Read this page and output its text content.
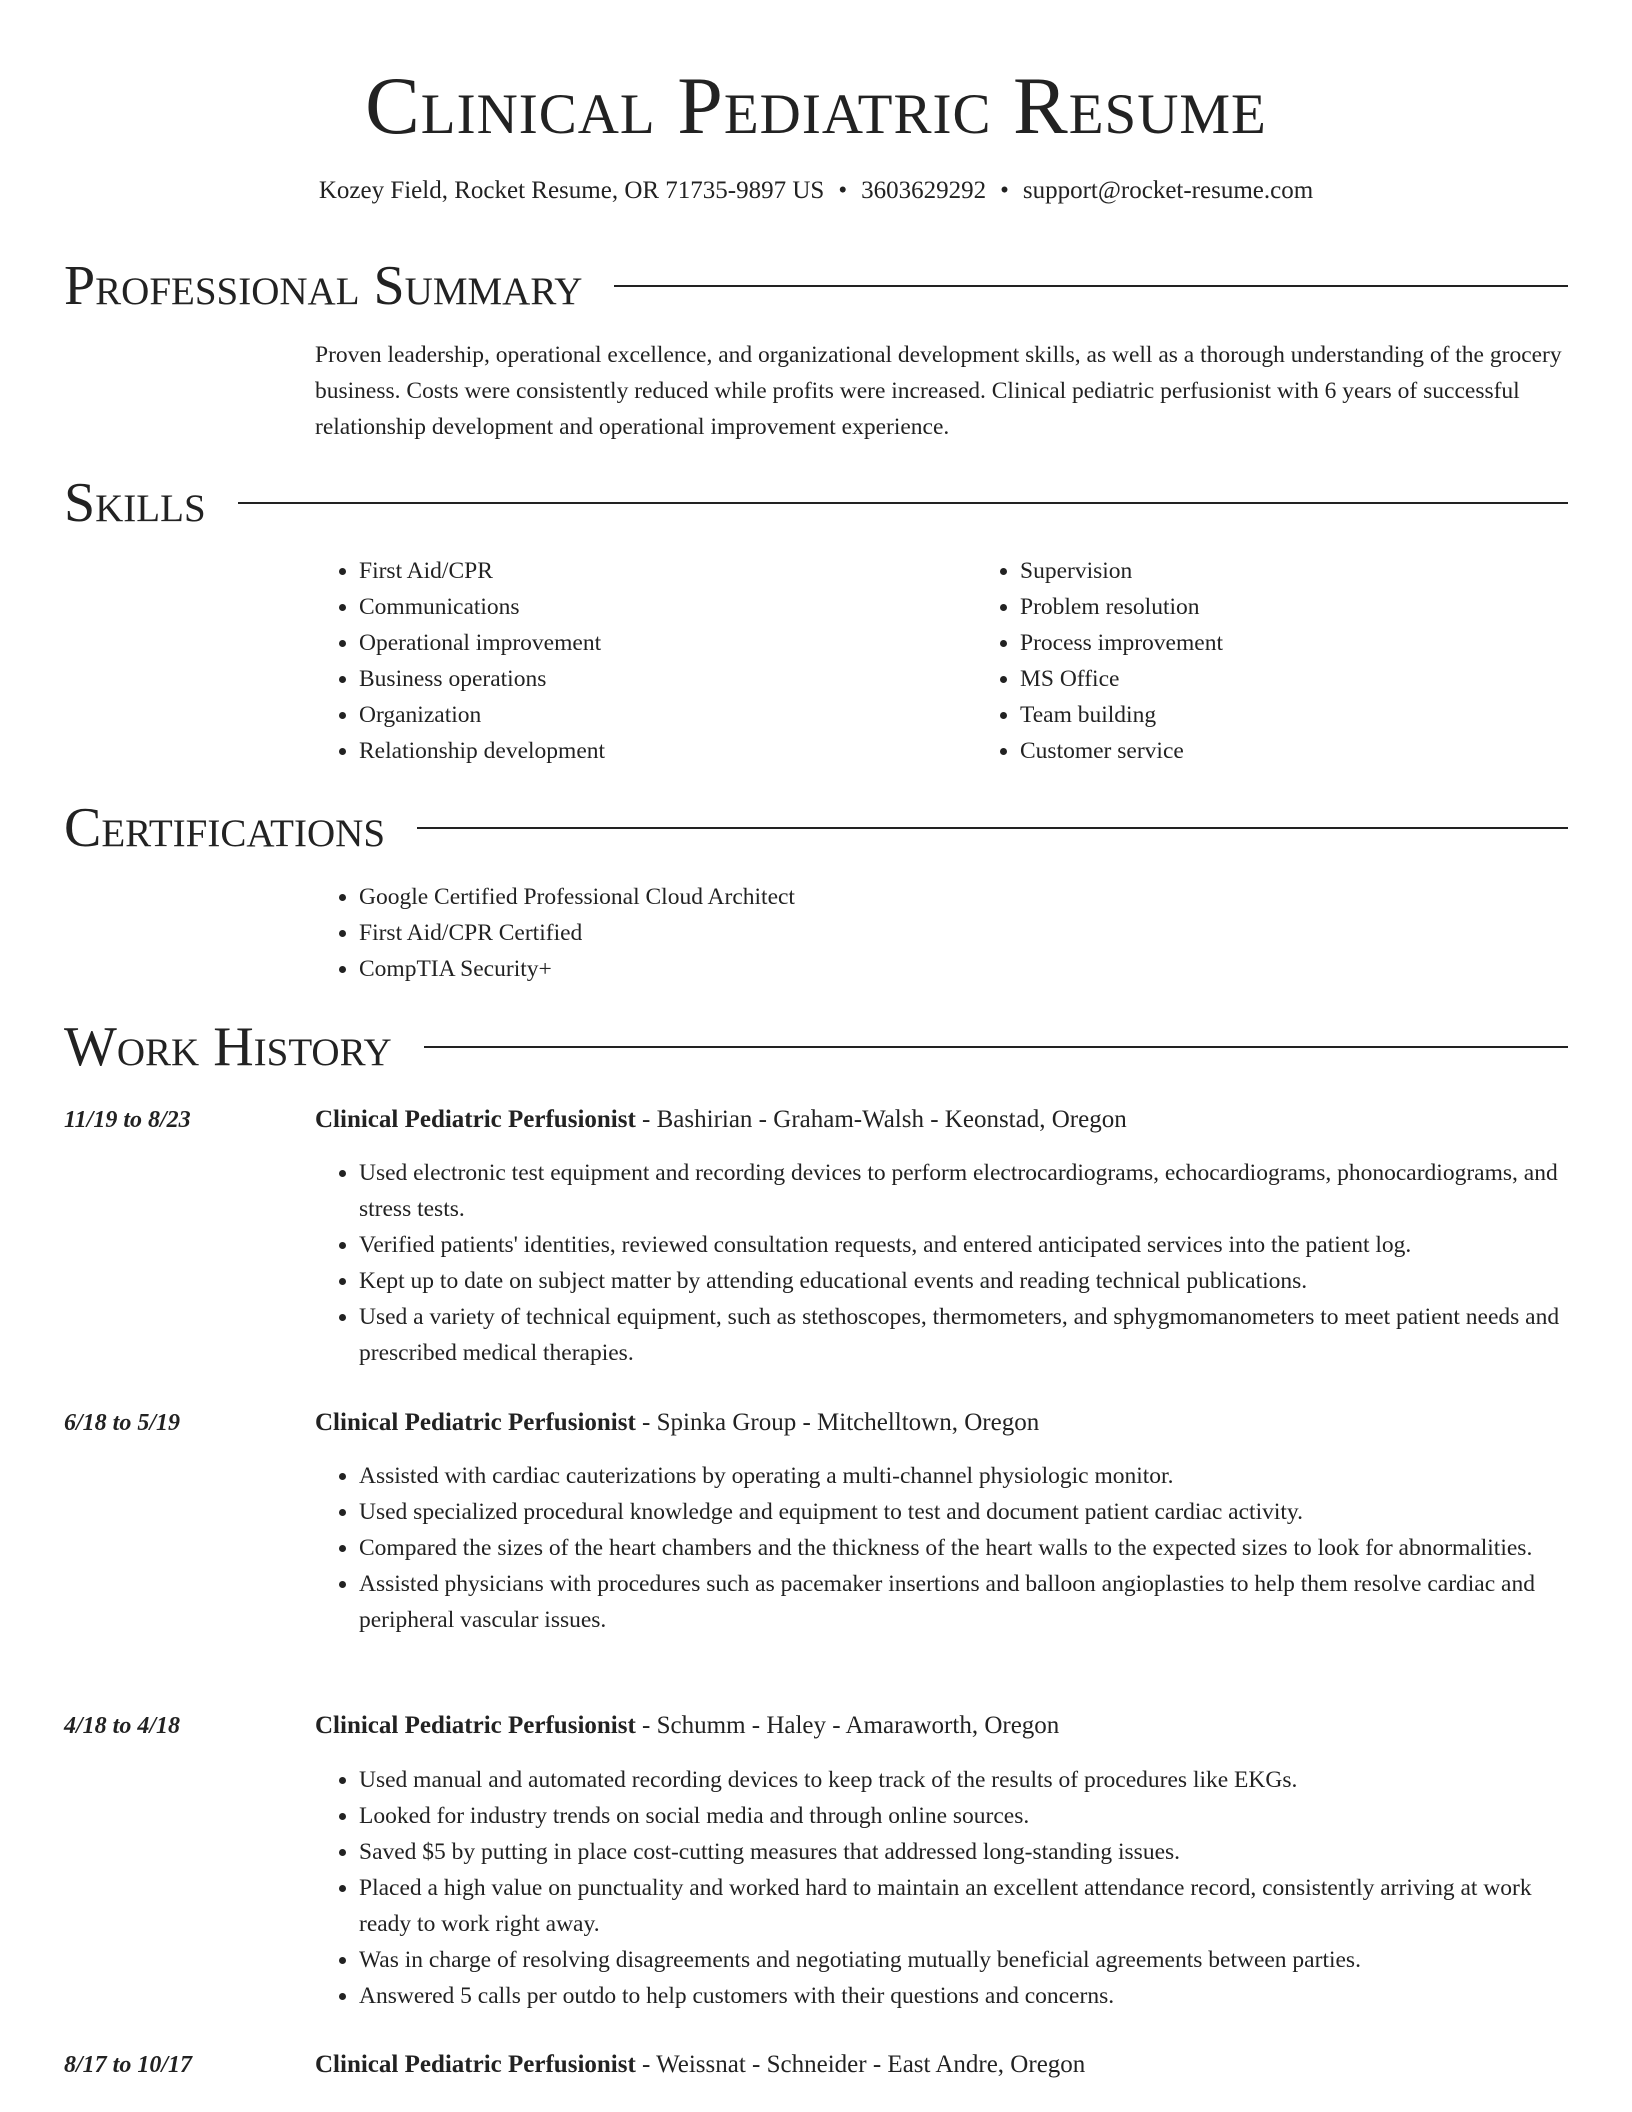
Clinical Pediatric Resume
Kozey Field, Rocket Resume, OR 71735-9897 US • 3603629292 • support@rocket-resume.com
Professional Summary

Proven leadership, operational excellence, and organizational development skills, as well as a thorough understanding of the grocery business. Costs were consistently reduced while profits were increased. Clinical pediatric perfusionist with 6 years of successful relationship development and operational improvement experience.

Skills
• First Aid/CPR
• Communications
• Operational improvement
• Business operations
• Organization
• Relationship development
• Supervision
• Problem resolution
• Process improvement
• MS Office
• Team building
• Customer service
Certifications
• Google Certified Professional Cloud Architect
• First Aid/CPR Certified
• CompTIA Security+
Work History
11/19 to 8/23	Clinical Pediatric Perfusionist - Bashirian - Graham-Walsh - Keonstad, Oregon
• Used electronic test equipment and recording devices to perform electrocardiograms, echocardiograms, phonocardiograms, and stress tests.
• Verified patients' identities, reviewed consultation requests, and entered anticipated services into the patient log.
• Kept up to date on subject matter by attending educational events and reading technical publications.
• Used a variety of technical equipment, such as stethoscopes, thermometers, and sphygmomanometers to meet patient needs and prescribed medical therapies.
6/18 to 5/19	Clinical Pediatric Perfusionist - Spinka Group - Mitchelltown, Oregon
• Assisted with cardiac cauterizations by operating a multi-channel physiologic monitor.
• Used specialized procedural knowledge and equipment to test and document patient cardiac activity.
• Compared the sizes of the heart chambers and the thickness of the heart walls to the expected sizes to look for abnormalities.
• Assisted physicians with procedures such as pacemaker insertions and balloon angioplasties to help them resolve cardiac and peripheral vascular issues.
4/18 to 4/18	Clinical Pediatric Perfusionist - Schumm - Haley - Amaraworth, Oregon
• Used manual and automated recording devices to keep track of the results of procedures like EKGs.
• Looked for industry trends on social media and through online sources.
• Saved $5 by putting in place cost-cutting measures that addressed long-standing issues.
• Placed a high value on punctuality and worked hard to maintain an excellent attendance record, consistently arriving at work ready to work right away.
• Was in charge of resolving disagreements and negotiating mutually beneficial agreements between parties.
• Answered 5 calls per outdo to help customers with their questions and concerns.
8/17 to 10/17	Clinical Pediatric Perfusionist - Weissnat - Schneider - East Andre, Oregon
